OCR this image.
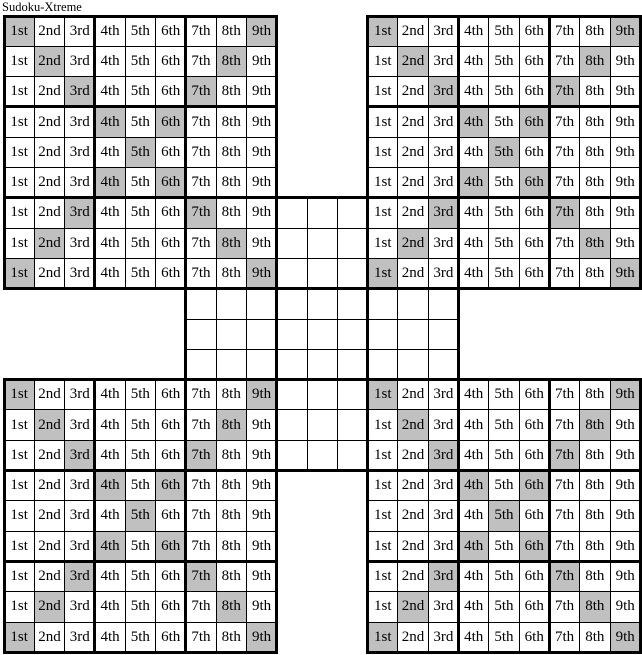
Sudoku-Xtreme
1st 2nd 3rd 4th 5th 6th 7th 8th 9th
1st 2nd 3rd 4th 5th 6th 7th 8th 9th
1st 2nd 3rd 4th 5th 6th 7th 8th 9th
1st 2nd 3rd 4th 5th 6th 7th 8th 9th
1st 2nd 3rd 4th 5th 6th 7th 8th 9th
1st 2nd 3rd 4th 5th 6th 7th 8th 9th
1st 2nd 3rd 4th 5th 6th 7th 8th 9th
1st 2nd 3rd 4th 5th 6th 7th 8th 9th
1st 2nd 3rd 4th 5th 6th 7th 8th 9th
1st 2nd 3rd 4th 5th 6th 7th 8th 9th
1st 2nd 3rd 4th 5th 6th 7th 8th 9th
1st 2nd 3rd 4th 5th 6th 7th 8th 9th
1st 2nd 3rd 4th 5th 6th 7th 8th 9th
1st 2nd 3rd 4th 5th 6th 7th 8th 9th
1st 2nd 3rd 4th 5th 6th 7th 8th 9th
1st 2nd 3rd 4th 5th 6th 7th 8th 9th
1st 2nd 3rd 4th 5th 6th 7th 8th 9th
1st 2nd 3rd 4th 5th 6th 7th 8th 9th
1st 2nd 3rd 4th 5th 6th 7th 8th 9th
1st 2nd 3rd 4th 5th 6th 7th 8th 9th
1st 2nd 3rd 4th 5th 6th 7th 8th 9th
1st 2nd 3rd 4th 5th 6th 7th 8th 9th
1st 2nd 3rd 4th 5th 6th 7th 8th 9th
1st 2nd 3rd 4th 5th 6th 7th 8th 9th
1st 2nd 3rd 4th 5th 6th 7th 8th 9th
1st 2nd 3rd 4th 5th 6th 7th 8th 9th
1st 2nd 3rd 4th 5th 6th 7th 8th 9th
1st 2nd 3rd 4th 5th 6th 7th 8th 9th
1st 2nd 3rd 4th 5th 6th 7th 8th 9th
1st 2nd 3rd 4th 5th 6th 7th 8th 9th
1st 2nd 3rd 4th 5th 6th 7th 8th 9th
1st 2nd 3rd 4th 5th 6th 7th 8th 9th
1st 2nd 3rd 4th 5th 6th 7th 8th 9th
1st 2nd 3rd 4th 5th 6th 7th 8th 9th
1st 2nd 3rd 4th 5th 6th 7th 8th 9th
1st 2nd 3rd 4th 5th 6th 7th 8th 9th
